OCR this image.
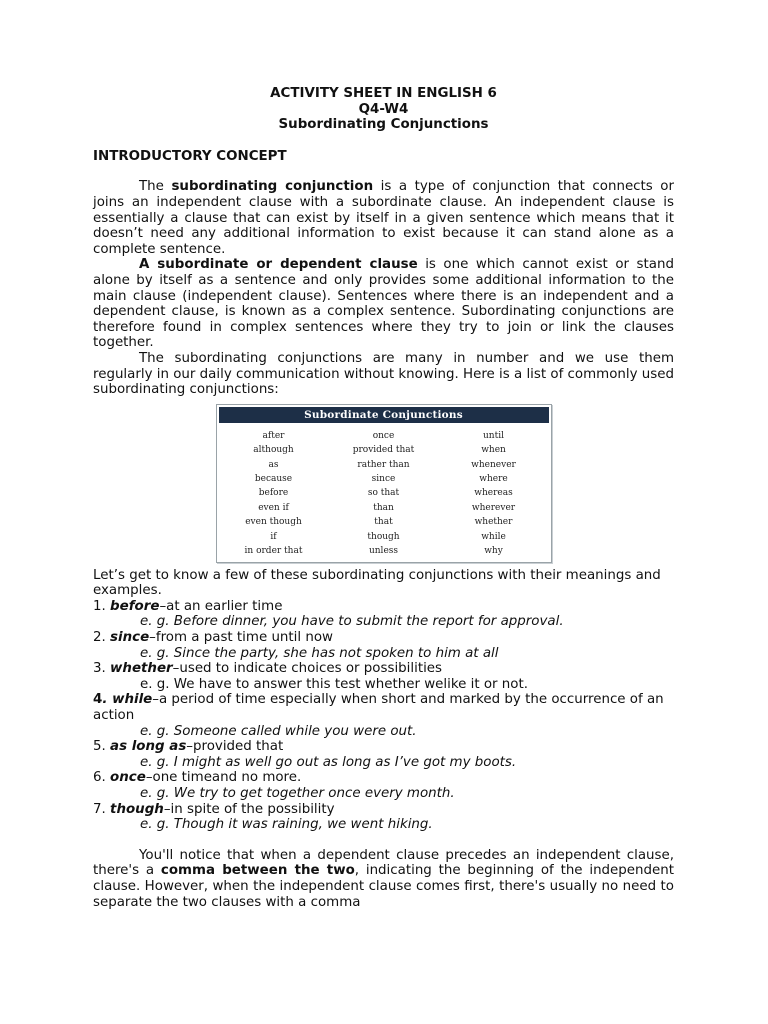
ACTIVITY SHEET IN ENGLISH 6
Q4-W4
Subordinating Conjunctions
INTRODUCTORY CONCEPT

The subordinating conjunction is a type of conjunction that connects or joins an independent clause with a subordinate clause. An independent clause is essentially a clause that can exist by itself in a given sentence which means that it doesn’t need any additional information to exist because it can stand alone as a complete sentence.

A subordinate or dependent clause is one which cannot exist or stand alone by itself as a sentence and only provides some additional information to the main clause (independent clause). Sentences where there is an independent and a dependent clause, is known as a complex sentence. Subordinating conjunctions are therefore found in complex sentences where they try to join or link the clauses together.

The subordinating conjunctions are many in number and we use them regularly in our daily communication without knowing. Here is a list of commonly used subordinating conjunctions:

Subordinate Conjunctions
after	once	until
although	provided that	when
as	rather than	whenever
because	since	where
before	so that	whereas
even if	than	wherever
even though	that	whether
if	though	while
in order that	unless	why

Let’s get to know a few of these subordinating conjunctions with their meanings and examples.

1. before–at an earlier time

e. g. Before dinner, you have to submit the report for approval.

2. since–from a past time until now

e. g. Since the party, she has not spoken to him at all

3. whether–used to indicate choices or possibilities

e. g. We have to answer this test whether welike it or not.

4. while–a period of time especially when short and marked by the occurrence of an action

e. g. Someone called while you were out.

5. as long as–provided that

e. g. I might as well go out as long as I’ve got my boots.

6. once–one timeand no more.

e. g. We try to get together once every month.

7. though–in spite of the possibility

e. g. Though it was raining, we went hiking.

You'll notice that when a dependent clause precedes an independent clause, there's a comma between the two, indicating the beginning of the independent clause. However, when the independent clause comes first, there's usually no need to separate the two clauses with a comma
